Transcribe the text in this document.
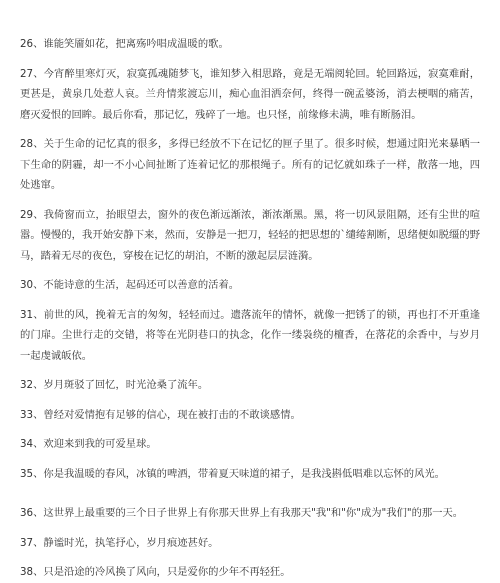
26、谁能笑靥如花，把离殇吟唱成温暖的歌。

27、今宵醉里寒灯灭，寂寞孤魂随梦飞，谁知梦入相思路，竟是无端阅轮回。轮回路远，寂寞难耐，更甚是，黄泉几处惹人哀。兰舟情浆渡忘川，痴心血泪洒奈何，终得一碗孟婆汤，消去梗咽的痛苦，磨灭爱恨的回眸。最后你看，那记忆，残碎了一地。也只怪，前缘修未满，唯有断肠泪。

28、关于生命的记忆真的很多，多得已经放不下在记忆的匣子里了。很多时候，想通过阳光来暴晒一下生命的阴霾，却一不小心间扯断了连着记忆的那根绳子。所有的记忆就如珠子一样，散落一地，四处逃窜。

29、我倚窗而立，抬眼望去，窗外的夜色渐远渐浓，渐浓渐黑。黑，将一切风景阻隔，还有尘世的喧嚣。慢慢的，我开始安静下来，然而，安静是一把刀，轻轻的把思想的`缱绻割断，思绪便如脱缰的野马，踏着无尽的夜色，穿梭在记忆的胡泊，不断的激起层层涟漪。

30、不能诗意的生活，起码还可以善意的活着。

31、前世的风，挽着无言的匆匆，轻轻而过。遗落流年的情怀，就像一把锈了的锁，再也打不开重逢的门扉。尘世行走的交错，将等在光阴巷口的执念，化作一缕袅绕的檀香，在落花的余香中，与岁月一起虔诚皈依。

32、岁月斑驳了回忆，时光沧桑了流年。

33、曾经对爱情抱有足够的信心，现在被打击的不敢谈感情。

34、欢迎来到我的可爱星球。

35、你是我温暖的春风，冰镇的啤酒，带着夏天味道的裙子，是我浅斟低唱难以忘怀的风光。

36、这世界上最重要的三个日子世界上有你那天世界上有我那天"我"和"你"成为"我们"的那一天。

37、静谧时光，执笔抒心，岁月痕迹甚好。

38、只是沿途的冷风换了风向，只是爱你的少年不再轻狂。
